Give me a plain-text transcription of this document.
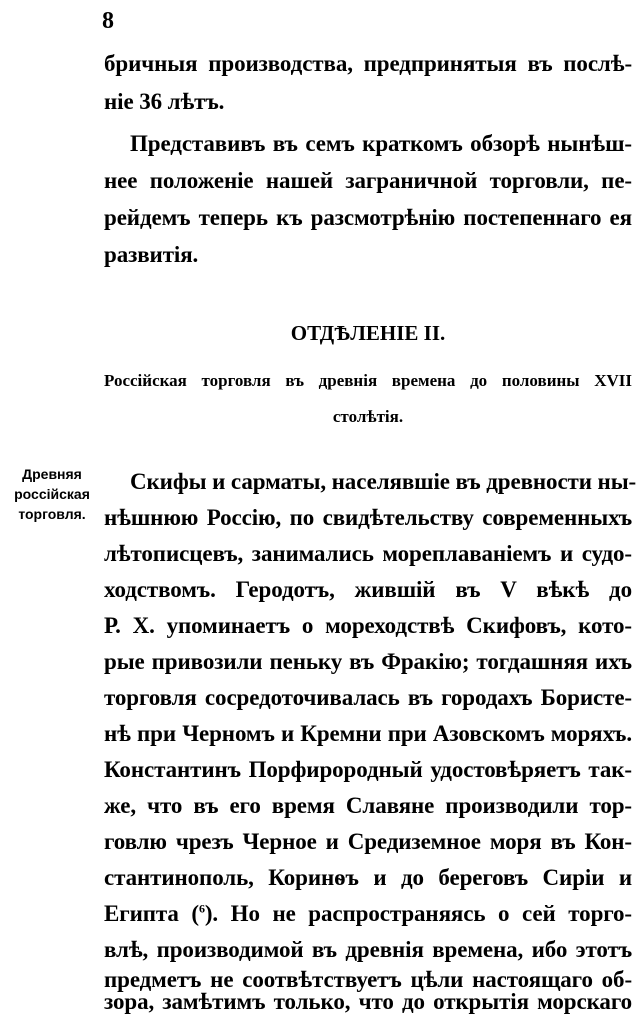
8
бричныя производства, предпринятыя въ послѣ-
ніе 36 лѣтъ.
Представивъ въ семъ краткомъ обзорѣ нынѣш-
нее положеніе нашей заграничной торговли, пе-
рейдемъ теперь къ разсмотрѣнію постепеннаго ея
развитія.
ОТДѢЛЕНІЕ II.
Россійская торговля въ древнія времена до половины XVII
столѣтія.
Древняя
россійская
торговля.
Скифы и сарматы, населявшіе въ древности ны-
нѣшнюю Россію, по свидѣтельству современныхъ
лѣтописцевъ, занимались мореплаваніемъ и судо-
ходствомъ. Геродотъ, жившій въ V вѣкѣ до
Р. Х. упоминаетъ о мореходствѣ Скифовъ, кото-
рые привозили пеньку въ Фракію; тогдашняя ихъ
торговля сосредоточивалась въ городахъ Бористе-
нѣ при Черномъ и Кремни при Азовскомъ моряхъ.
Константинъ Порфирородный удостовѣряетъ так-
же, что въ его время Славяне производили тор-
говлю чрезъ Черное и Средиземное моря въ Кон-
стантинополь, Коринѳъ и до береговъ Сиріи и
Египта ($^6$). Но не распространяясь о сей торго-
влѣ, производимой въ древнія времена, ибо этотъ
предметъ не соотвѣтствуетъ цѣли настоящаго об-
зора, замѣтимъ только, что до открытія морскаго
